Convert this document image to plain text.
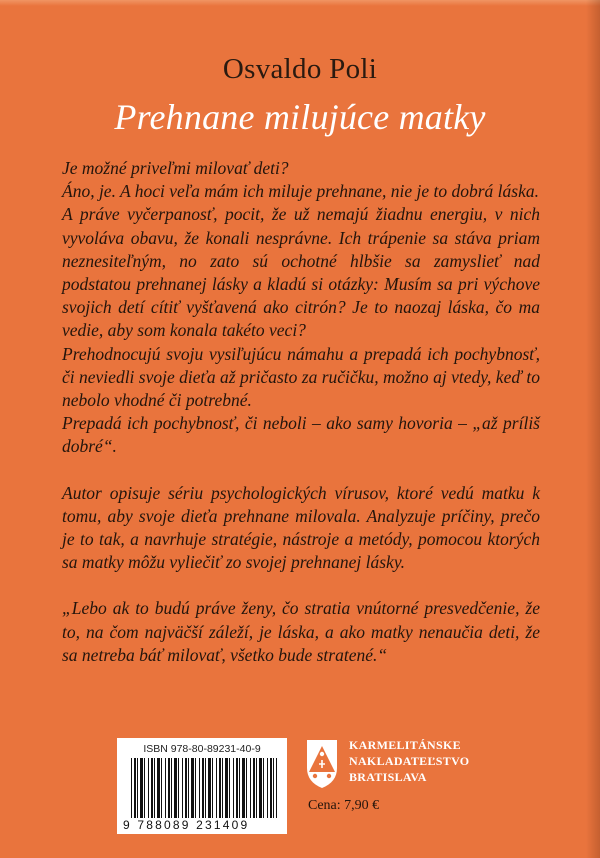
Osvaldo Poli
Prehnane milujúce matky

Je možné priveľmi milovať deti?

Áno, je. A hoci veľa mám ich miluje prehnane, nie je to dobrá láska.

A práve vyčerpanosť, pocit, že už nemajú žiadnu energiu, v nich vyvoláva obavu, že konali nesprávne. Ich trápenie sa stáva priam neznesiteľným, no zato sú ochotné hlbšie sa zamyslieť nad podstatou prehnanej lásky a kladú si otázky: Musím sa pri výchove svojich detí cítiť vyšťavená ako citrón? Je to naozaj láska, čo ma vedie, aby som konala takéto veci?

Prehodnocujú svoju vysiľujúcu námahu a prepadá ich pochybnosť, či neviedli svoje dieťa až pričasto za ručičku, možno aj vtedy, keď to nebolo vhodné či potrebné.

Prepadá ich pochybnosť, či neboli – ako samy hovoria – „až príliš dobré“.

Autor opisuje sériu psychologických vírusov, ktoré vedú matku k tomu, aby svoje dieťa prehnane milovala. Analyzuje príčiny, prečo je to tak, a navrhuje stratégie, nástroje a metódy, pomocou ktorých sa matky môžu vyliečiť zo svojej prehnanej lásky.

„Lebo ak to budú práve ženy, čo stratia vnútorné presvedčenie, že to, na čom najväčší záleží, je láska, a ako matky nenaučia deti, že sa netreba báť milovať, všetko bude stratené.“

ISBN 978-80-89231-40-9
9 788089 231409
KARMELITÁNSKE
NAKLADATEĽSTVO
BRATISLAVA
Cena: 7,90 €
